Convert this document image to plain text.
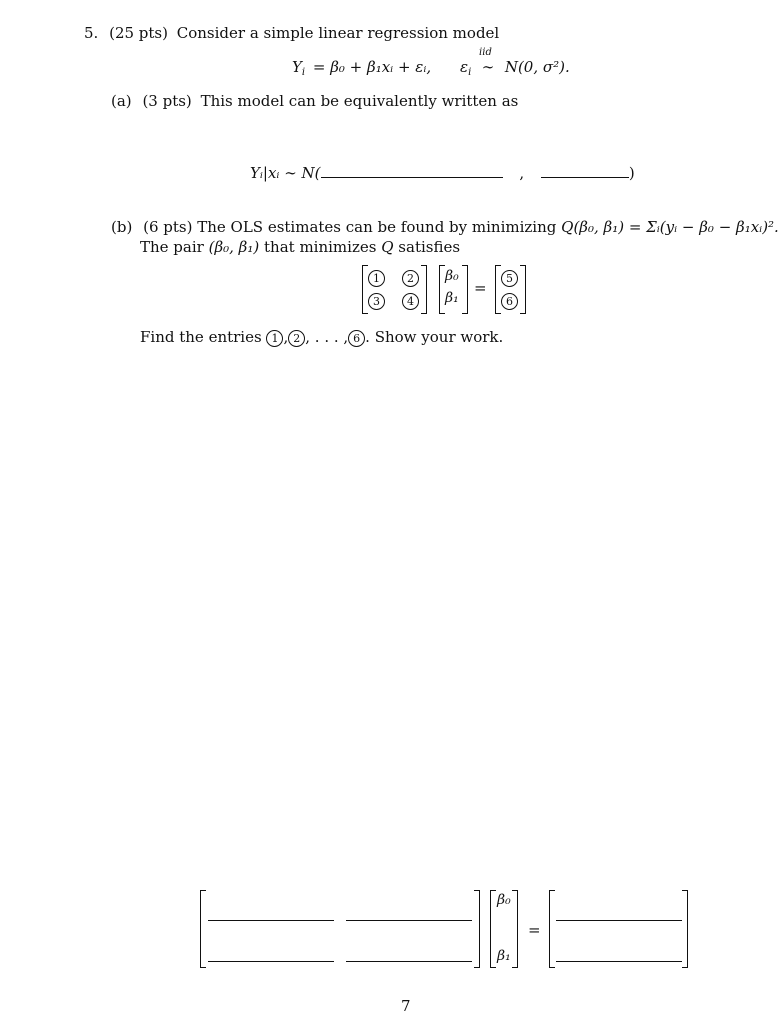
5. (25 pts) Consider a simple linear regression model
$Y_i = \beta_0$ + β₁xᵢ + εᵢ, $\varepsilon_i$
iid
∼ N(0, σ²).
(a) (3 pts) This model can be equivalently written as
Yᵢ|xᵢ ∼ N(	,	)
(b) (6 pts) The OLS estimates can be found by minimizing Q(β₀, β₁) = Σᵢ(yᵢ − β₀ − β₁xᵢ)².
The pair (β₀, β₁) that minimizes Q satisfies
1	2
3	4
β₀
β₁
=
5
6
Find the entries 1 , 2 , . . . , 6 . Show your work.
β₀
β₁
=
7
